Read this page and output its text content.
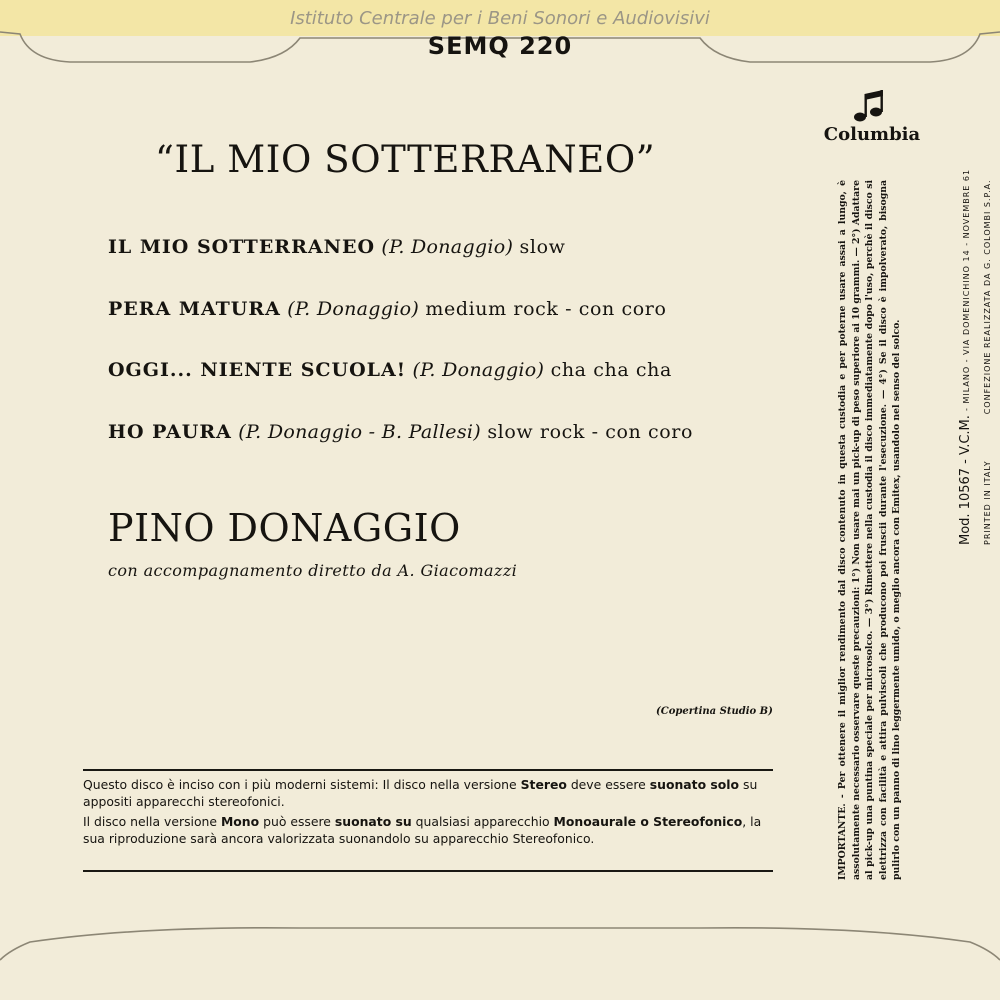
Istituto Centrale per i Beni Sonori e Audiovisivi
SEMQ 220
Columbia
“IL MIO SOTTERRANEO”
IL MIO SOTTERRANEO (P. Donaggio) slow
PERA MATURA (P. Donaggio) medium rock - con coro
OGGI... NIENTE SCUOLA! (P. Donaggio) cha cha cha
HO PAURA (P. Donaggio - B. Pallesi) slow rock - con coro
PINO DONAGGIO
con accompagnamento diretto da A. Giacomazzi
(Copertina Studio B)

Questo disco è inciso con i più moderni sistemi: Il disco nella versione Stereo deve essere suonato solo su appositi apparecchi stereofonici.

Il disco nella versione Mono può essere suonato su qualsiasi apparecchio Monoaurale o Stereofonico, la sua riproduzione sarà ancora valorizzata suonandolo su apparecchio Stereofonico.	IMPORTANTE. - Per ottenere il miglior rendimento dal disco contenuto in questa custodia e per poterne usare assai a lungo, è assolutamente necessario osservare queste precauzioni: 1°) Non usare mai un pick-up di peso superiore ai 10 grammi. — 2°) Adattare al pick-up una puntina speciale per microsolco. — 3°) Rimettere nella custodia il disco immediatamente dopo l'uso, perchè il disco si elettrizza con facilità e attira pulviscoli che producono poi fruscii durante l'esecuzione. — 4°) Se il disco è impolverato, bisogna pulirlo con un panno di lino leggermente umido, o meglio ancora con Emitex, usandolo nel senso del solco.	Mod. 10567 - V.C.M. - MILANO - VIA DOMENICHINO 14 - NOVEMBRE 61
PRINTED IN ITALY             CONFEZIONE REALIZZATA DA G. COLOMBI S.P.A.
